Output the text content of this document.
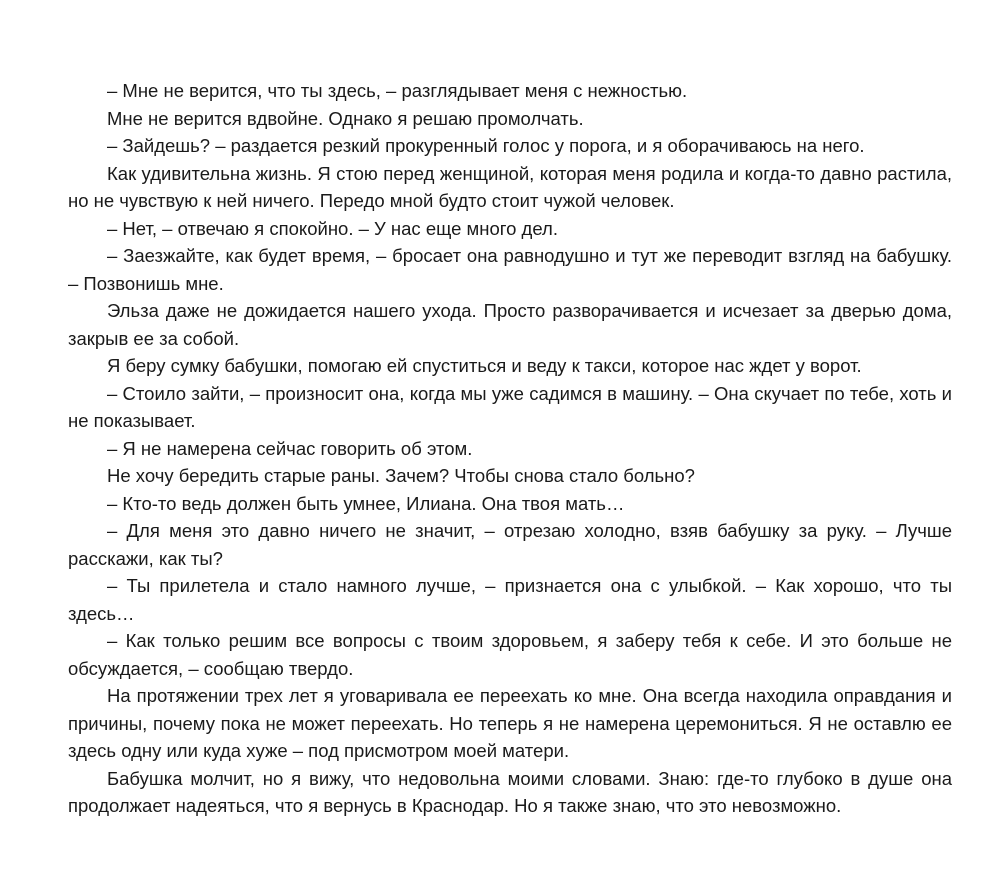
– Мне не верится, что ты здесь, – разглядывает меня с нежностью.

Мне не верится вдвойне. Однако я решаю промолчать.

– Зайдешь? – раздается резкий прокуренный голос у порога, и я оборачиваюсь на него.

Как удивительна жизнь. Я стою перед женщиной, которая меня родила и когда-то давно растила, но не чувствую к ней ничего. Передо мной будто стоит чужой человек.

– Нет, – отвечаю я спокойно. – У нас еще много дел.

– Заезжайте, как будет время, – бросает она равнодушно и тут же переводит взгляд на бабушку. – Позвонишь мне.

Эльза даже не дожидается нашего ухода. Просто разворачивается и исчезает за дверью дома, закрыв ее за собой.

Я беру сумку бабушки, помогаю ей спуститься и веду к такси, которое нас ждет у ворот.

– Стоило зайти, – произносит она, когда мы уже садимся в машину. – Она скучает по тебе, хоть и не показывает.

– Я не намерена сейчас говорить об этом.

Не хочу бередить старые раны. Зачем? Чтобы снова стало больно?

– Кто-то ведь должен быть умнее, Илиана. Она твоя мать…

– Для меня это давно ничего не значит, – отрезаю холодно, взяв бабушку за руку. – Лучше расскажи, как ты?

– Ты прилетела и стало намного лучше, – признается она с улыбкой. – Как хорошо, что ты здесь…

– Как только решим все вопросы с твоим здоровьем, я заберу тебя к себе. И это больше не обсуждается, – сообщаю твердо.

На протяжении трех лет я уговаривала ее переехать ко мне. Она всегда находила оправдания и причины, почему пока не может переехать. Но теперь я не намерена церемониться. Я не оставлю ее здесь одну или куда хуже – под присмотром моей матери.

Бабушка молчит, но я вижу, что недовольна моими словами. Знаю: где-то глубоко в душе она продолжает надеяться, что я вернусь в Краснодар. Но я также знаю, что это невозможно.
